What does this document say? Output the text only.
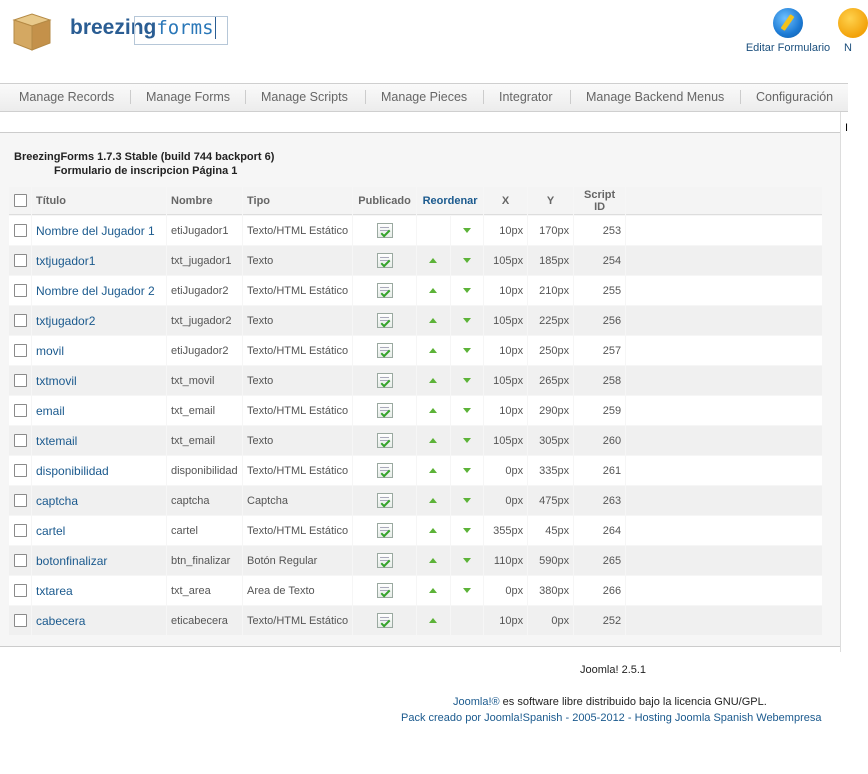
breezingforms
Editar Formulario	N
Manage Records	Manage Forms Manage Scripts	Manage Pieces	Integrator	Manage Backend Menus	Configuración
I
BreezingForms 1.7.3 Stable (build 744 backport 6)
Formulario de inscripcion Página 1
	Título	Nombre	Tipo	Publicado	Reordenar		X	Y	Script ID	
	Nombre del Jugador 1	etiJugador1	Texto/HTML Estático				10px	170px	253	
	txtjugador1	txt_jugador1	Texto				105px	185px	254	
	Nombre del Jugador 2	etiJugador2	Texto/HTML Estático				10px	210px	255	
	txtjugador2	txt_jugador2	Texto				105px	225px	256	
	movil	etiJugador2	Texto/HTML Estático				10px	250px	257	
	txtmovil	txt_movil	Texto				105px	265px	258	
	email	txt_email	Texto/HTML Estático				10px	290px	259	
	txtemail	txt_email	Texto				105px	305px	260	
	disponibilidad	disponibilidad	Texto/HTML Estático				0px	335px	261	
	captcha	captcha	Captcha				0px	475px	263	
	cartel	cartel	Texto/HTML Estático				355px	45px	264	
	botonfinalizar	btn_finalizar	Botón Regular				110px	590px	265	
	txtarea	txt_area	Area de Texto				0px	380px	266	
	cabecera	eticabecera	Texto/HTML Estático				10px	0px	252	
Joomla! 2.5.1
Joomla!® es software libre distribuido bajo la licencia GNU/GPL.
Pack creado por Joomla!Spanish - 2005-2012 - Hosting Joomla Spanish Webempresa
